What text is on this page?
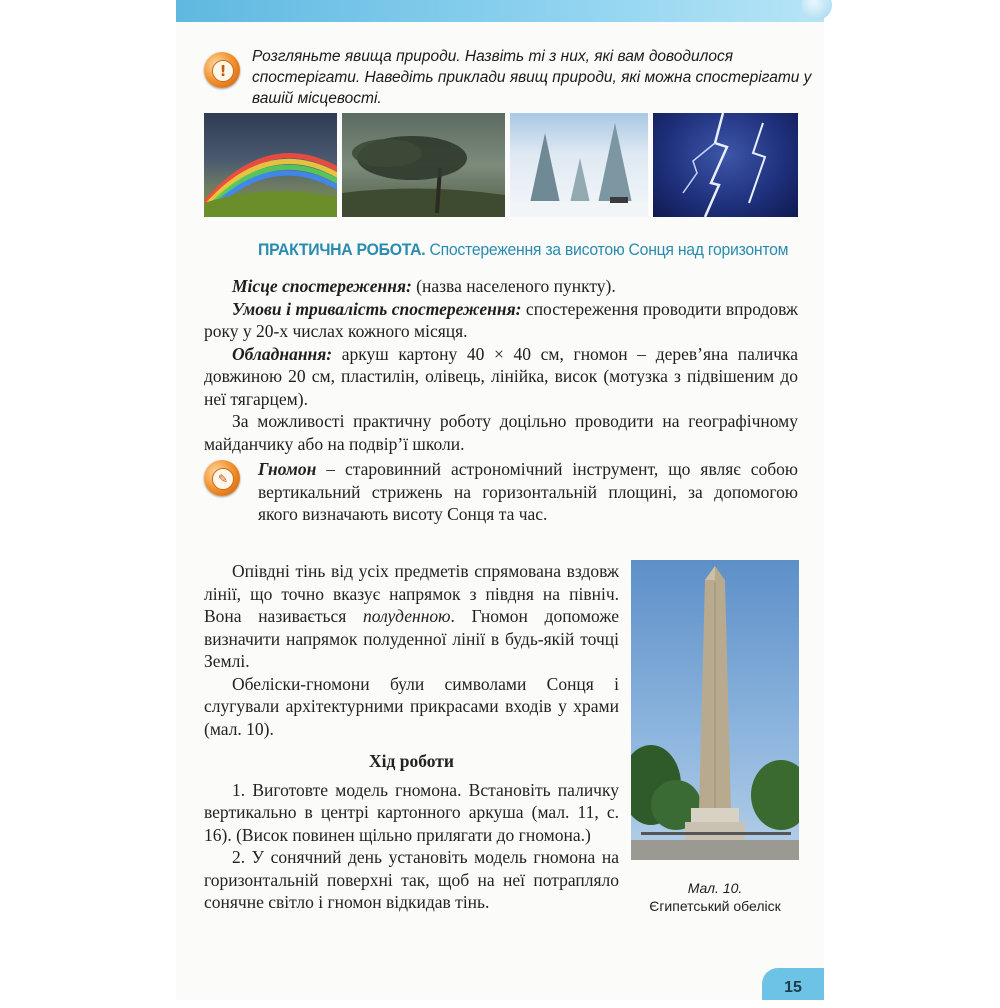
!
Розгляньте явища природи. Назвіть ті з них, які вам доводилося спостерігати. Наведіть приклади явищ природи, які можна спостерігати у вашій місцевості.
ПРАКТИЧНА РОБОТА. Спостереження за висотою Сонця над горизонтом

Місце спостереження: (назва населеного пункту).

Умови і тривалість спостереження: спостереження проводити впродовж року у 20-х числах кожного місяця.

Обладнання: аркуш картону 40 × 40 см, гномон – дерев’яна паличка довжиною 20 см, пластилін, олівець, лінійка, висок (мотузка з підвішеним до неї тягарцем).

За можливості практичну роботу доцільно проводити на географічному майданчику або на подвір’ї школи.

✎	Гномон – старовинний астрономічний інструмент, що являє собою вертикальний стрижень на горизонтальній площині, за допомогою якого визначають висоту Сонця та час.

Опівдні тінь від усіх предметів спрямована вздовж лінії, що точно вказує напрямок з півдня на північ. Вона називається полуденною. Гномон допоможе визначити напрямок полуденної лінії в будь-якій точці Землі.

Обеліски-гномони були символами Сонця і слугували архітектурними прикрасами входів у храми (мал. 10).

Хід роботи

1. Виготовте модель гномона. Встановіть паличку вертикально в центрі картонного аркуша (мал. 11, с. 16). (Висок повинен щільно прилягати до гномона.)

2. У сонячний день установіть модель гномона на горизонтальній поверхні так, щоб на неї потрапляло сонячне світло і гномон відкидав тінь.

Мал. 10.
Єгипетський обеліск
15
